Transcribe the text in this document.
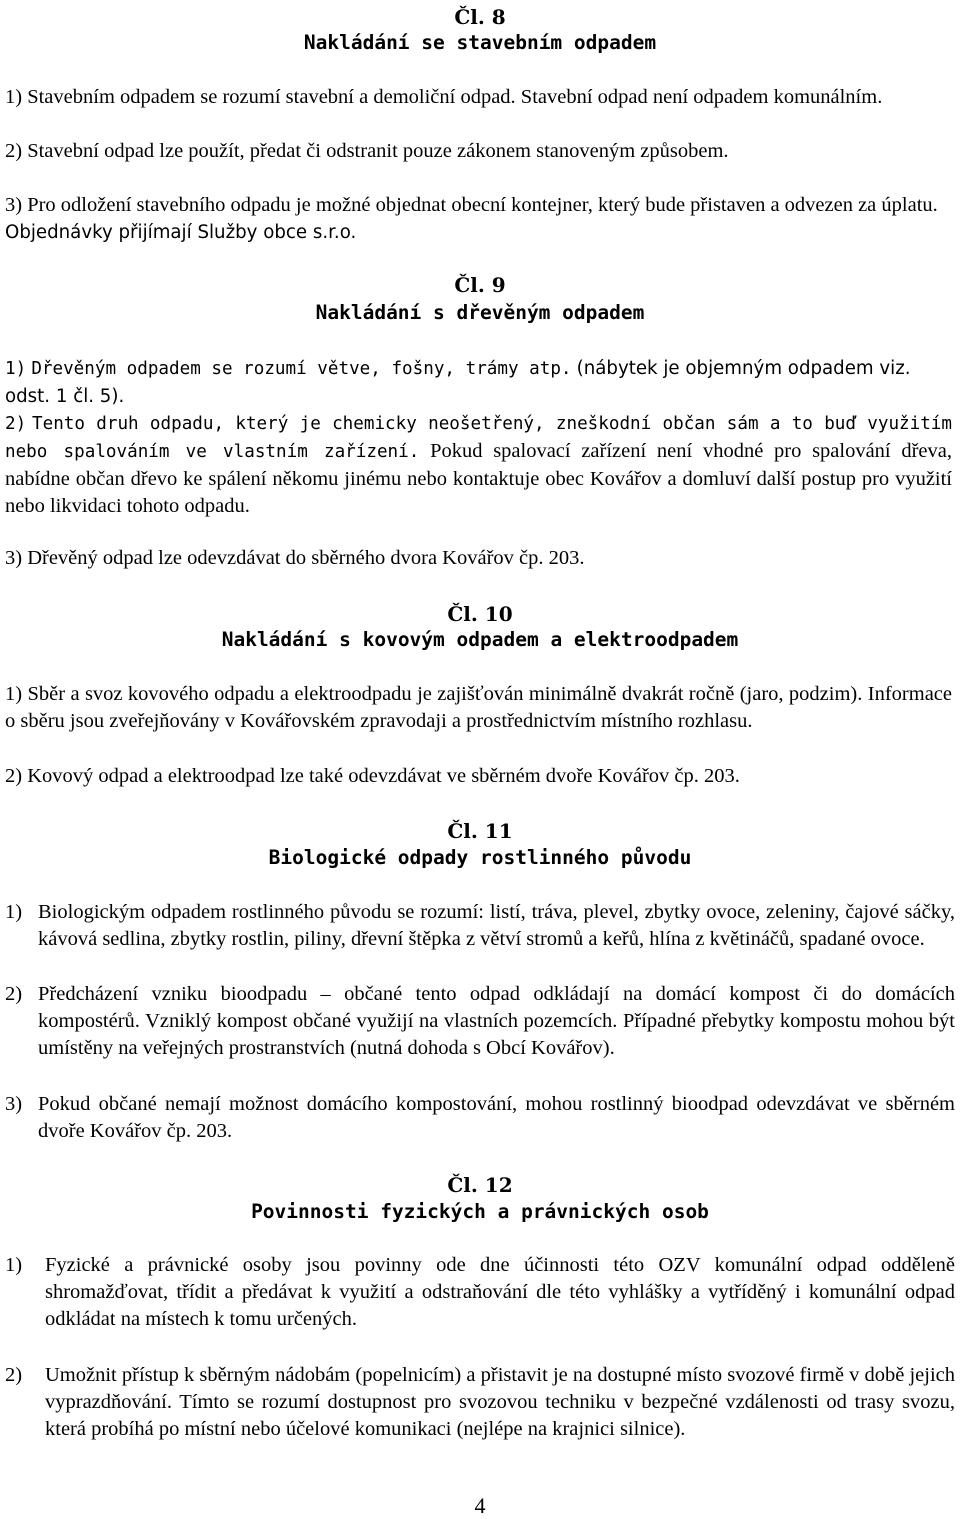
Čl. 8
Nakládání se stavebním odpadem
1) Stavebním odpadem se rozumí stavební a demoliční odpad. Stavební odpad není odpadem komunálním.
2) Stavební odpad lze použít, předat či odstranit pouze zákonem stanoveným způsobem.
3) Pro odložení stavebního odpadu je možné objednat obecní kontejner, který bude přistaven a odvezen za úplatu. Objednávky přijímají Služby obce s.r.o.
Čl. 9
Nakládání s dřevěným odpadem
1) Dřevěným odpadem se rozumí větve, fošny, trámy atp. (nábytek je objemným odpadem viz. odst. 1 čl. 5).
2) Tento druh odpadu, který je chemicky neošetřený, zneškodní občan sám a to buď využitím nebo spalováním ve vlastním zařízení. Pokud spalovací zařízení není vhodné pro spalování dřeva, nabídne občan dřevo ke spálení někomu jinému nebo kontaktuje obec Kovářov a domluví další postup pro využití nebo likvidaci tohoto odpadu.
3) Dřevěný odpad lze odevzdávat do sběrného dvora Kovářov čp. 203.
Čl. 10
Nakládání s kovovým odpadem a elektroodpadem
1) Sběr a svoz kovového odpadu a elektroodpadu je zajišťován minimálně dvakrát ročně (jaro, podzim). Informace o sběru jsou zveřejňovány v Kovářovském zpravodaji a prostřednictvím místního rozhlasu.
2) Kovový odpad a elektroodpad lze také odevzdávat ve sběrném dvoře Kovářov čp. 203.
Čl. 11
Biologické odpady rostlinného původu
1) Biologickým odpadem rostlinného původu se rozumí: listí, tráva, plevel, zbytky ovoce, zeleniny, čajové sáčky, kávová sedlina, zbytky rostlin, piliny, dřevní štěpka z větví stromů a keřů, hlína z květináčů, spadané ovoce.
2) Předcházení vzniku bioodpadu – občané tento odpad odkládají na domácí kompost či do domácích kompostérů. Vzniklý kompost občané využijí na vlastních pozemcích. Případné přebytky kompostu mohou být umístěny na veřejných prostranstvích (nutná dohoda s Obcí Kovářov).
3) Pokud občané nemají možnost domácího kompostování, mohou rostlinný bioodpad odevzdávat ve sběrném dvoře Kovářov čp. 203.
Čl. 12
Povinnosti fyzických a právnických osob
1) Fyzické a právnické osoby jsou povinny ode dne účinnosti této OZV komunální odpad odděleně shromažďovat, třídit a předávat k využití a odstraňování dle této vyhlášky a vytříděný i komunální odpad odkládat na místech k tomu určených.
2) Umožnit přístup k sběrným nádobám (popelnicím) a přistavit je na dostupné místo svozové firmě v době jejich vyprazdňování. Tímto se rozumí dostupnost pro svozovou techniku v bezpečné vzdálenosti od trasy svozu, která probíhá po místní nebo účelové komunikaci (nejlépe na krajnici silnice).
4
